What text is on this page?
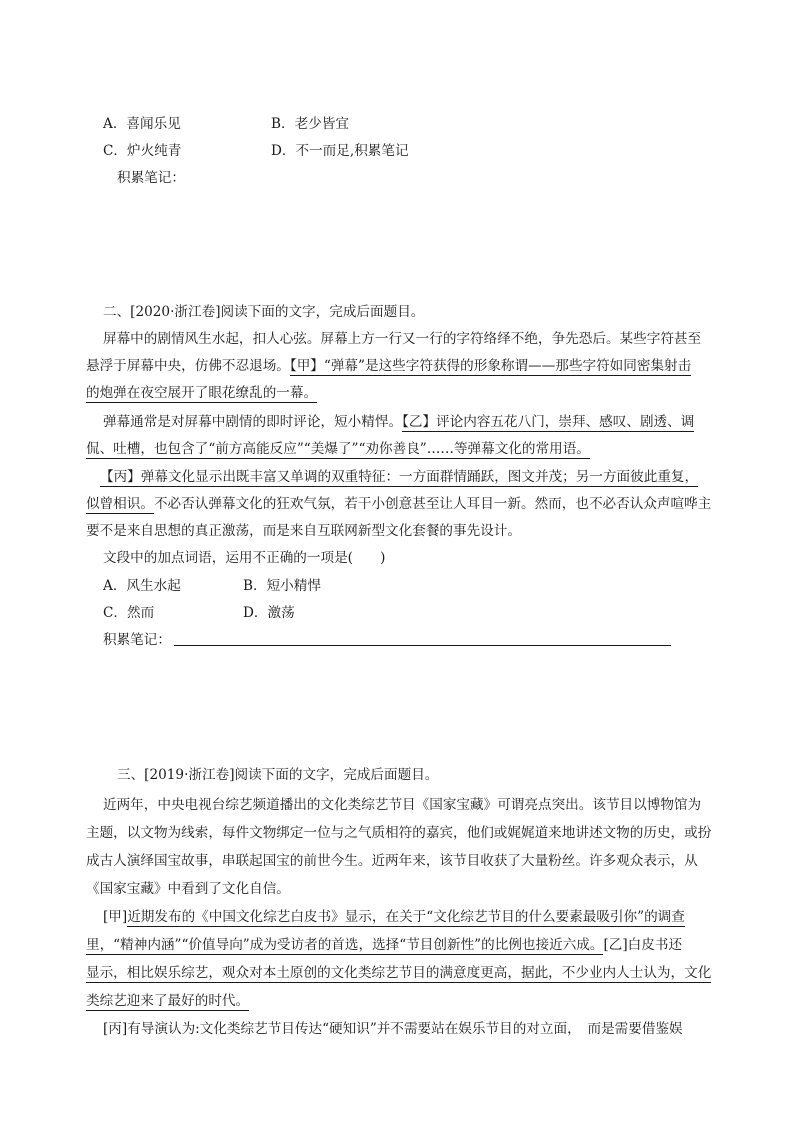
A．喜闻乐见	B．老少皆宜
C．炉火纯青	D．不一而足,积累笔记
积累笔记：
二、[2020·浙江卷]阅读下面的文字，完成后面题目。
屏幕中的剧情风生水起，扣人心弦。屏幕上方一行又一行的字符络绎不绝，争先恐后。某些字符甚至
悬浮于屏幕中央，仿佛不忍退场。【甲】“弹幕”是这些字符获得的形象称谓——那些字符如同密集射击
的炮弹在夜空展开了眼花缭乱的一幕。
弹幕通常是对屏幕中剧情的即时评论，短小精悍。【乙】评论内容五花八门，崇拜、感叹、剧透、调
侃、吐槽，也包含了“前方高能反应”“美爆了”“劝你善良”……等弹幕文化的常用语。
【丙】弹幕文化显示出既丰富又单调的双重特征：一方面群情踊跃，图文并茂；另一方面彼此重复，
似曾相识。不必否认弹幕文化的狂欢气氛，若干小创意甚至让人耳目一新。然而，也不必否认众声喧哗主
要不是来自思想的真正激荡，而是来自互联网新型文化套餐的事先设计。
文段中的加点词语，运用不正确的一项是(　　)
A．风生水起	B．短小精悍
C．然而	D．激荡
积累笔记：
三、[2019·浙江卷]阅读下面的文字，完成后面题目。
近两年，中央电视台综艺频道播出的文化类综艺节目《国家宝藏》可谓亮点突出。该节目以博物馆为
主题，以文物为线索，每件文物绑定一位与之气质相符的嘉宾，他们或娓娓道来地讲述文物的历史，或扮
成古人演绎国宝故事，串联起国宝的前世今生。近两年来，该节目收获了大量粉丝。许多观众表示，从
《国家宝藏》中看到了文化自信。
[甲]近期发布的《中国文化综艺白皮书》显示，在关于“文化综艺节目的什么要素最吸引你”的调查
里，“精神内涵”“价值导向”成为受访者的首选，选择“节目创新性”的比例也接近六成。[乙]白皮书还
显示，相比娱乐综艺，观众对本土原创的文化类综艺节目的满意度更高，据此，不少业内人士认为，文化
类综艺迎来了最好的时代。
[丙]有导演认为:文化类综艺节目传达“硬知识”并不需要站在娱乐节目的对立面，　而是需要借鉴娱
